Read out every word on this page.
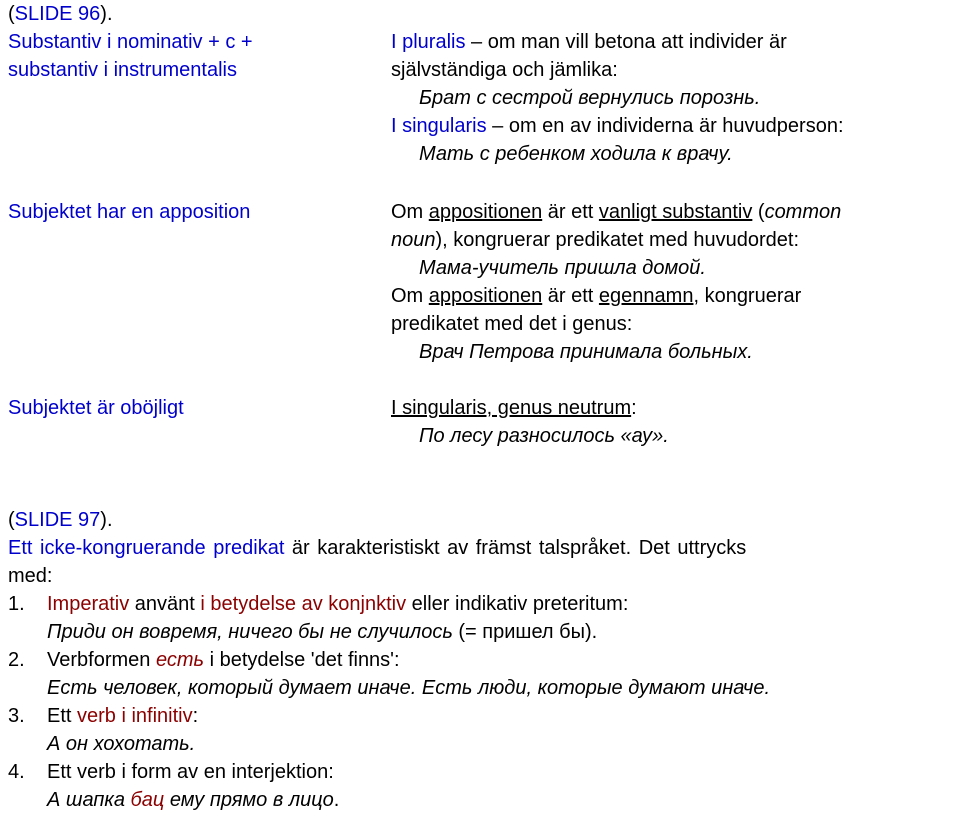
(SLIDE 96).
Substantiv i nominativ + с +
substantiv i instrumentalis
Subjektet har en apposition
Subjektet är oböjligt
I pluralis – om man vill betona att individer är
självständiga och jämlika:
Брат с сестрой вернулись порознь.
I singularis – om en av individerna är huvudperson:
Мать с ребенком ходила к врачу.
Om appositionen är ett vanligt substantiv (common
noun), kongruerar predikatet med huvudordet:
Мама-учитель пришла домой.
Om appositionen är ett egennamn, kongruerar
predikatet med det i genus:
Врач Петрова принимала больных.
I singularis, genus neutrum:
По лесу разносилось «ау».
(SLIDE 97).
Ett icke-kongruerande predikat är karakteristiskt av främst talspråket. Det uttrycks
med:
1. Imperativ använt i betydelse av konjnktiv eller indikativ preteritum:
Приди он вовремя, ничего бы не случилось (= пришел бы).
2. Verbformen есть i betydelse 'det finns':
Есть человек, который думает иначе. Есть люди, которые думают иначе.
3. Ett verb i infinitiv:
А он хохотать.
4. Ett verb i form av en interjektion:
А шапка бац ему прямо в лицо.
